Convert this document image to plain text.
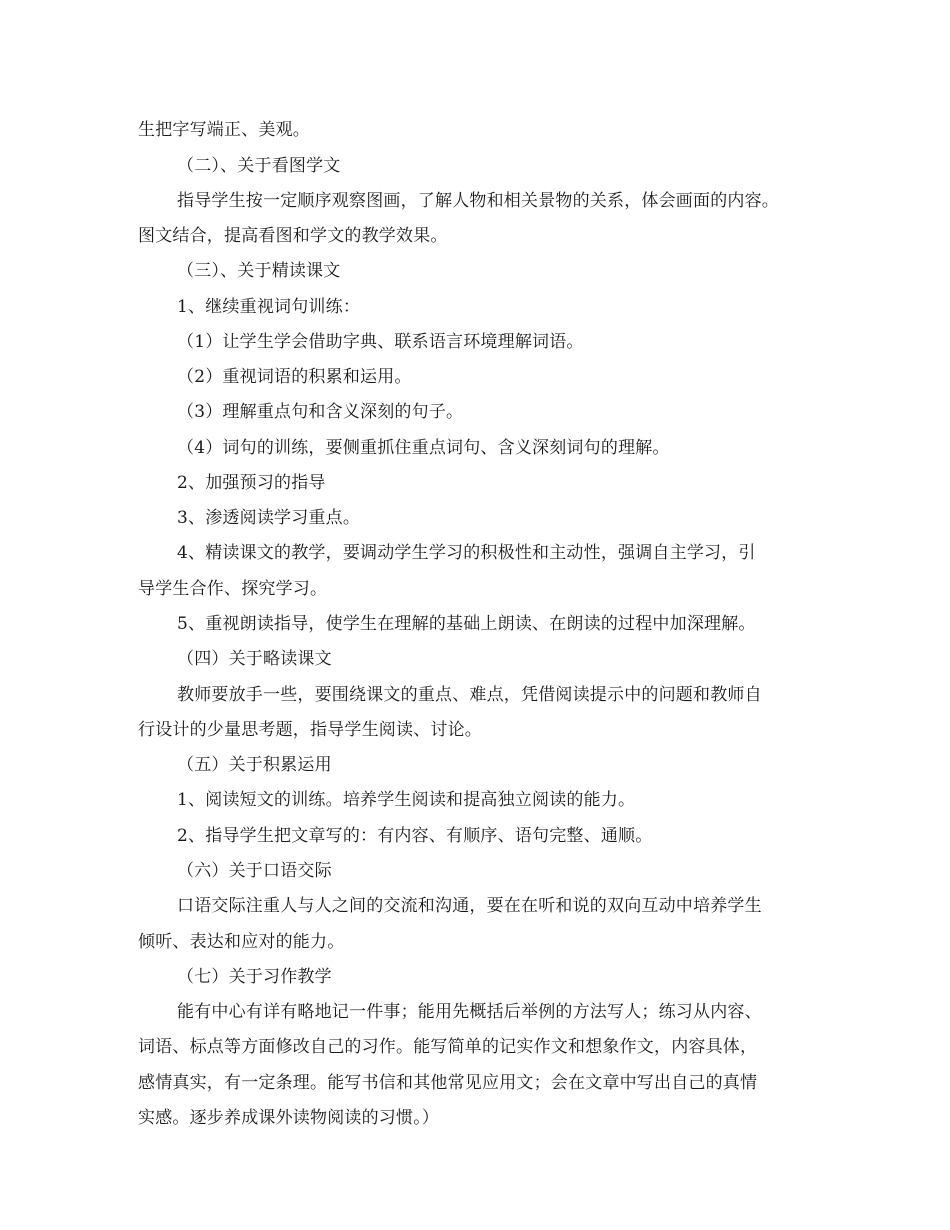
生把字写端正、美观。
（二）、关于看图学文
指导学生按一定顺序观察图画，了解人物和相关景物的关系，体会画面的内容。
图文结合，提高看图和学文的教学效果。
（三）、关于精读课文
1、继续重视词句训练：
（1）让学生学会借助字典、联系语言环境理解词语。
（2）重视词语的积累和运用。
（3）理解重点句和含义深刻的句子。
（4）词句的训练，要侧重抓住重点词句、含义深刻词句的理解。
2、加强预习的指导
3、渗透阅读学习重点。
4、精读课文的教学，要调动学生学习的积极性和主动性，强调自主学习，引
导学生合作、探究学习。
5、重视朗读指导，使学生在理解的基础上朗读、在朗读的过程中加深理解。
（四）关于略读课文
教师要放手一些，要围绕课文的重点、难点，凭借阅读提示中的问题和教师自
行设计的少量思考题，指导学生阅读、讨论。
（五）关于积累运用
1、阅读短文的训练。培养学生阅读和提高独立阅读的能力。
2、指导学生把文章写的：有内容、有顺序、语句完整、通顺。
（六）关于口语交际
口语交际注重人与人之间的交流和沟通，要在在听和说的双向互动中培养学生
倾听、表达和应对的能力。
（七）关于习作教学
能有中心有详有略地记一件事；能用先概括后举例的方法写人；练习从内容、
词语、标点等方面修改自己的习作。能写简单的记实作文和想象作文，内容具体，
感情真实，有一定条理。能写书信和其他常见应用文；会在文章中写出自己的真情
实感。逐步养成课外读物阅读的习惯。）
